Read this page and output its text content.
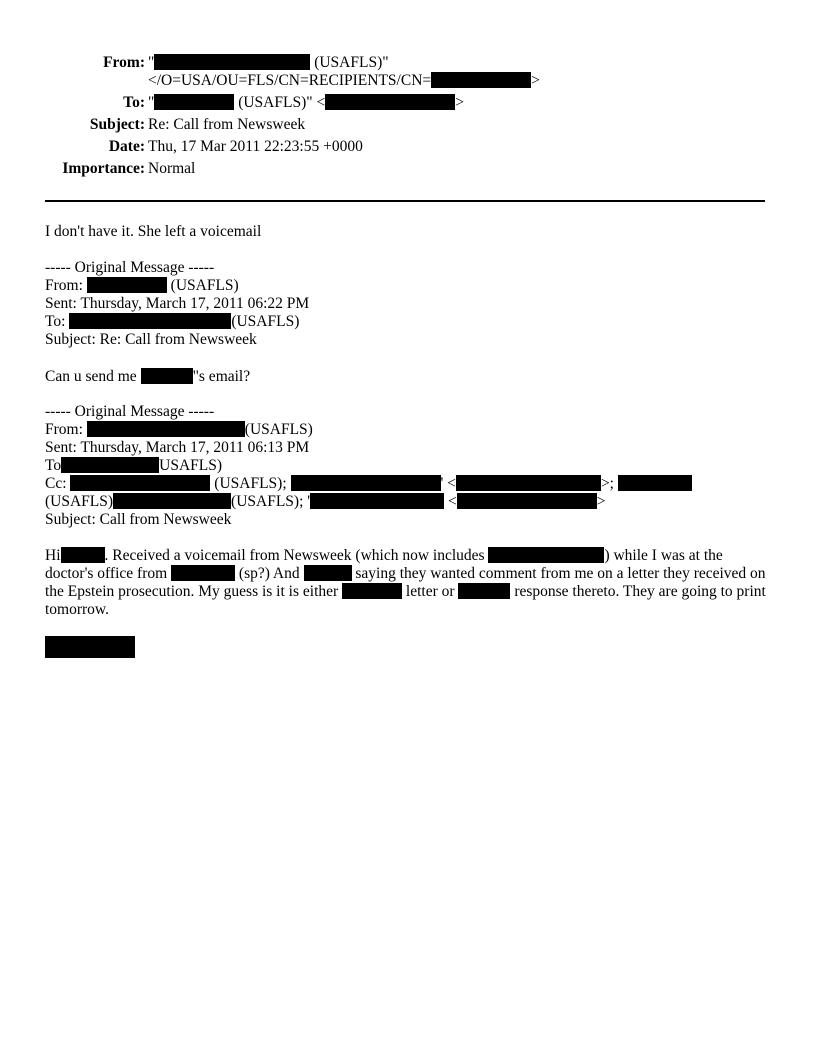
From: "	(USAFLS)"
</O=USA/OU=FLS/CN=RECIPIENTS/CN=	>
To: "	(USAFLS)" <	>
Subject: Re: Call from Newsweek
Date: Thu, 17 Mar 2011 22:23:55 +0000
Importance: Normal
I don't have it. She left a voicemail
----- Original Message -----
From:	(USAFLS)
Sent: Thursday, March 17, 2011 06:22 PM
To:	(USAFLS)
Subject: Re: Call from Newsweek
Can u send me	"s email?
----- Original Message -----
From:	(USAFLS)
Sent: Thursday, March 17, 2011 06:13 PM
To	USAFLS)
Cc:	(USAFLS);	' <	>;
(USAFLS)	(USAFLS); '	<	>
Subject: Call from Newsweek
Hi	. Received a voicemail from Newsweek (which now includes	) while I was at the doctor's office from	(sp?) And	saying they wanted comment from me on a letter they received on the Epstein prosecution. My guess is it is either	letter or	response thereto. They are going to print tomorrow.
